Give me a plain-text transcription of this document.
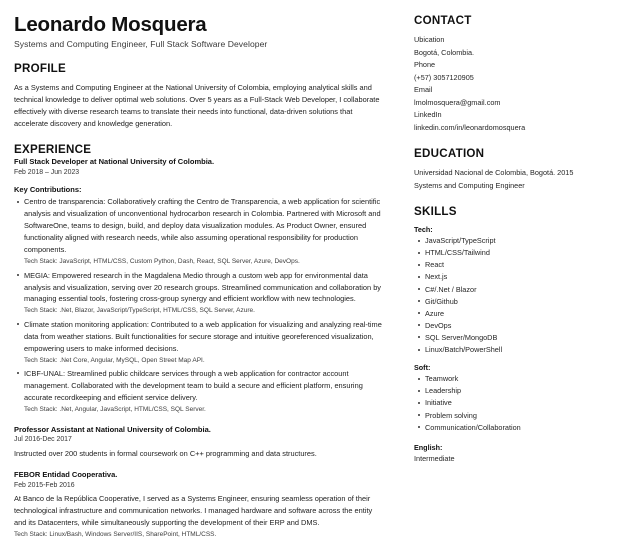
Leonardo Mosquera
Systems and Computing Engineer, Full Stack Software Developer
PROFILE
As a Systems and Computing Engineer at the National University of Colombia, employing analytical skills and technical knowledge to deliver optimal web solutions. Over 5 years as a Full-Stack Web Developer, I collaborate effectively with diverse research teams to translate their needs into functional, data-driven solutions that accelerate discovery and knowledge generation.
EXPERIENCE
Full Stack Developer at National University of Colombia.
Feb 2018 – Jun 2023
Key Contributions:
Centro de transparencia: Collaboratively crafting the Centro de Transparencia, a web application for scientific analysis and visualization of unconventional hydrocarbon research in Colombia. Partnered with Microsoft and SoftwareOne, teams to design, build, and deploy data visualization modules. As Product Owner, ensured functionality aligned with research needs, while also assuming operational responsibility for production components.
Tech Stack: JavaScript, HTML/CSS, Custom Python, Dash, React, SQL Server, Azure, DevOps.
MEGIA: Empowered research in the Magdalena Medio through a custom web app for environmental data analysis and visualization, serving over 20 research groups. Streamlined communication and collaboration by managing essential tools, fostering cross-group synergy and efficient workflow with new technologies.
Tech Stack: .Net, Blazor, JavaScript/TypeScript, HTML/CSS, SQL Server, Azure.
Climate station monitoring application: Contributed to a web application for visualizing and analyzing real-time data from weather stations. Built functionalities for secure storage and intuitive georeferenced visualization, empowering users to make informed decisions.
Tech Stack: .Net Core, Angular, MySQL, Open Street Map API.
ICBF-UNAL: Streamlined public childcare services through a web application for contractor account management. Collaborated with the development team to build a secure and efficient platform, ensuring accurate recordkeeping and efficient service delivery.
Tech Stack: .Net, Angular, JavaScript, HTML/CSS, SQL Server.
Professor Assistant at National University of Colombia.
Jul 2016-Dec 2017
Instructed over 200 students in formal coursework on C++ programming and data structures.
FEBOR Entidad Cooperativa.
Feb 2015-Feb 2016
At Banco de la República Cooperative, I served as a Systems Engineer, ensuring seamless operation of their technological infrastructure and communication networks. I managed hardware and software across the entity and its Datacenters, while simultaneously supporting the development of their ERP and DMS.
Tech Stack: Linux/Bash, Windows Server/IIS, SharePoint, HTML/CSS.
CONTACT
Ubication
Bogotá, Colombia.
Phone
(+57) 3057120905
Email
lmolmosquera@gmail.com
LinkedIn
linkedin.com/in/leonardomosquera
EDUCATION
Universidad Nacional de Colombia, Bogotá. 2015
Systems and Computing Engineer
SKILLS
Tech:
JavaScript/TypeScript
HTML/CSS/Tailwind
React
Next.js
C#/.Net / Blazor
Git/Github
Azure
DevOps
SQL Server/MongoDB
Linux/Batch/PowerShell
Soft:
Teamwork
Leadership
Initiative
Problem solving
Communication/Collaboration
English:
Intermediate
